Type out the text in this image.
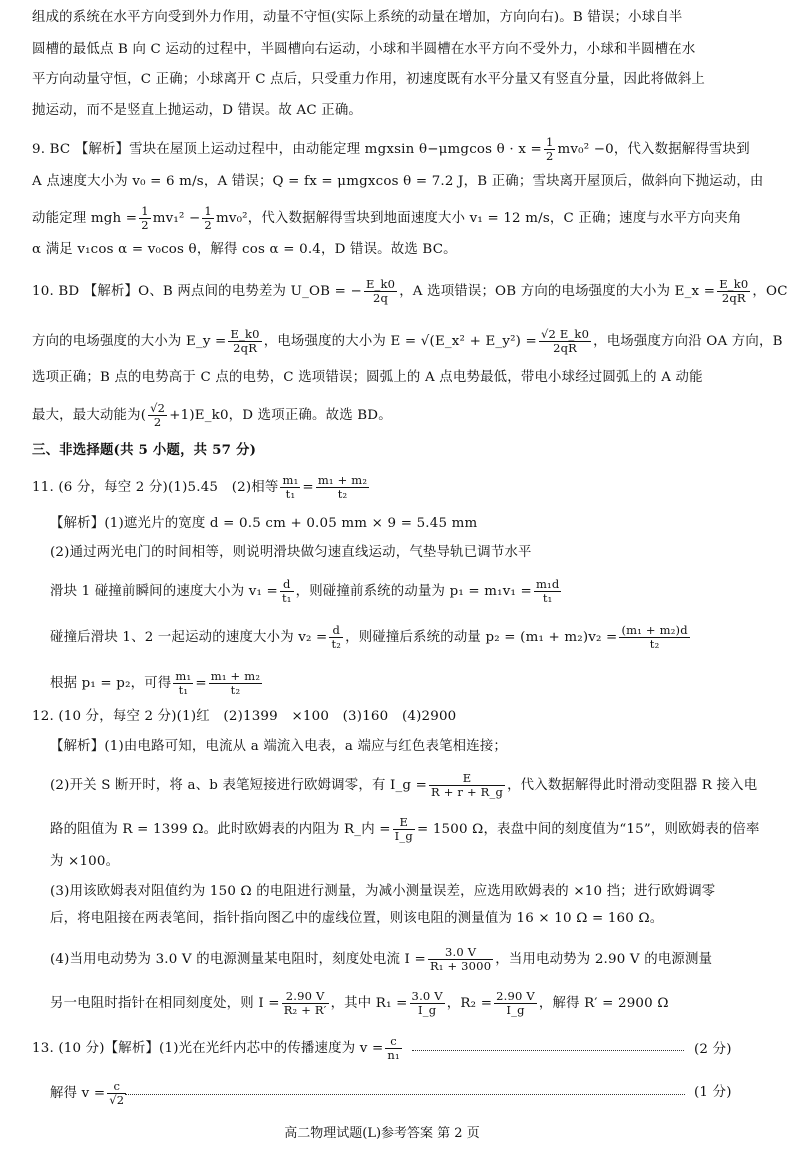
组成的系统在水平方向受到外力作用，动量不守恒(实际上系统的动量在增加，方向向右)。B 错误；小球自半
圆槽的最低点 B 向 C 运动的过程中，半圆槽向右运动，小球和半圆槽在水平方向不受外力，小球和半圆槽在水
平方向动量守恒，C 正确；小球离开 C 点后，只受重力作用，初速度既有水平分量又有竖直分量，因此将做斜上
抛运动，而不是竖直上抛运动，D 错误。故 AC 正确。
9. BC 【解析】雪块在屋顶上运动过程中，由动能定理 mgxsin θ−μmgcos $\theta \cdot x = \frac{1}{2} mv_0^2 -0$，代入数据解得雪块到
A 点速度大小为 v₀ = 6 m/s，A 错误；Q = fx = μmgxcos θ = 7.2 J，B 正确；雪块离开屋顶后，做斜向下抛运动，由
动能定理 mgh = $\frac{1}{2} mv_1^2 - \frac{1}{2} mv_0^2$，代入数据解得雪块到地面速度大小 v₁ = 12 m/s，C 正确；速度与水平方向夹角
α 满足 v₁cos α = v₀cos θ，解得 cos α = 0.4，D 错误。故选 BC。
10. BD 【解析】O、B 两点间的电势差为 U_OB = − $\frac{E\_k0}{2q}$ ，A 选项错误；OB 方向的电场强度的大小为 E_x = $\frac{E\_k0}{2qR}$ ，OC
方向的电场强度的大小为 E_y = $\frac{E\_k0}{2qR}$ ，电场强度的大小为 E = √(E_x² + E_y²) = $\frac{√2 E\_k0}{2qR}$ ，电场强度方向沿 OA 方向，B
选项正确；B 点的电势高于 C 点的电势，C 选项错误；圆弧上的 A 点电势最低，带电小球经过圆弧上的 A 动能
最大，最大动能为( $\frac{√2}{2}$ +1)E_k0，D 选项正确。故选 BD。
三、非选择题(共 5 小题，共 57 分)
11. (6 分，每空 2 分)(1)5.45　(2)相等 $\frac{\text{m₁}}{\text{t₁}} = \frac{\text{m₁ + m₂}}{\text{t₂}}$
【解析】(1)遮光片的宽度 d = 0.5 cm + 0.05 mm × 9 = 5.45 mm
(2)通过两光电门的时间相等，则说明滑块做匀速直线运动，气垫导轨已调节水平
滑块 1 碰撞前瞬间的速度大小为 $v_1 = \frac{d}{\text{t₁}}$ ，则碰撞前系统的动量为 $p_1 = m_1v_1 = \frac{\text{m₁d}}{\text{t₁}}$
碰撞后滑块 1、2 一起运动的速度大小为 $v_2 = \frac{d}{\text{t₂}}$ ，则碰撞后系统的动量 $p_2 = (m_1 + m_2)v_2 = \frac{\text{(m₁ + m₂)d}}{\text{t₂}}$
根据 p₁ = p₂，可得 $\frac{\text{m₁}}{\text{t₁}} = \frac{\text{m₁ + m₂}}{\text{t₂}}$
12. (10 分，每空 2 分)(1)红　(2)1399　×100　(3)160　(4)2900
【解析】(1)由电路可知，电流从 a 端流入电表，a 端应与红色表笔相连接；
(2)开关 S 断开时，将 a、b 表笔短接进行欧姆调零，有 I_g = $\frac{E}{R + r + R\_g}$ ，代入数据解得此时滑动变阻器 R 接入电
路的阻值为 R = 1399 Ω。此时欧姆表的内阻为 R_内 = $\frac{E}{I\_g} = 1500$ Ω，表盘中间的刻度值为“15”，则欧姆表的倍率
为 ×100。
(3)用该欧姆表对阻值约为 150 Ω 的电阻进行测量，为减小测量误差，应选用欧姆表的 ×10 挡；进行欧姆调零
后，将电阻接在两表笔间，指针指向图乙中的虚线位置，则该电阻的测量值为 16 × 10 Ω = 160 Ω。
(4)当用电动势为 3.0 V 的电源测量某电阻时，刻度处电流 $I = \frac{3.0 V}{\text{R₁ + 3000}}$ ，当用电动势为 2.90 V 的电源测量
另一电阻时指针在相同刻度处，则 $I = \frac{2.90 V}{\text{R₂ + R′}}$ ，其中 $R_1 = \frac{3.0 V}{I\_g}$ ，$R_2 = \frac{2.90 V}{I\_g}$ ，解得 R′ = 2900 Ω
13. (10 分)【解析】(1)光在光纤内芯中的传播速度为 $v = \frac{c}{\text{n₁}}$	(2 分)
解得 $v = \frac{c}{√2}$	(1 分)
高二物理试题(L)参考答案 第 2 页
